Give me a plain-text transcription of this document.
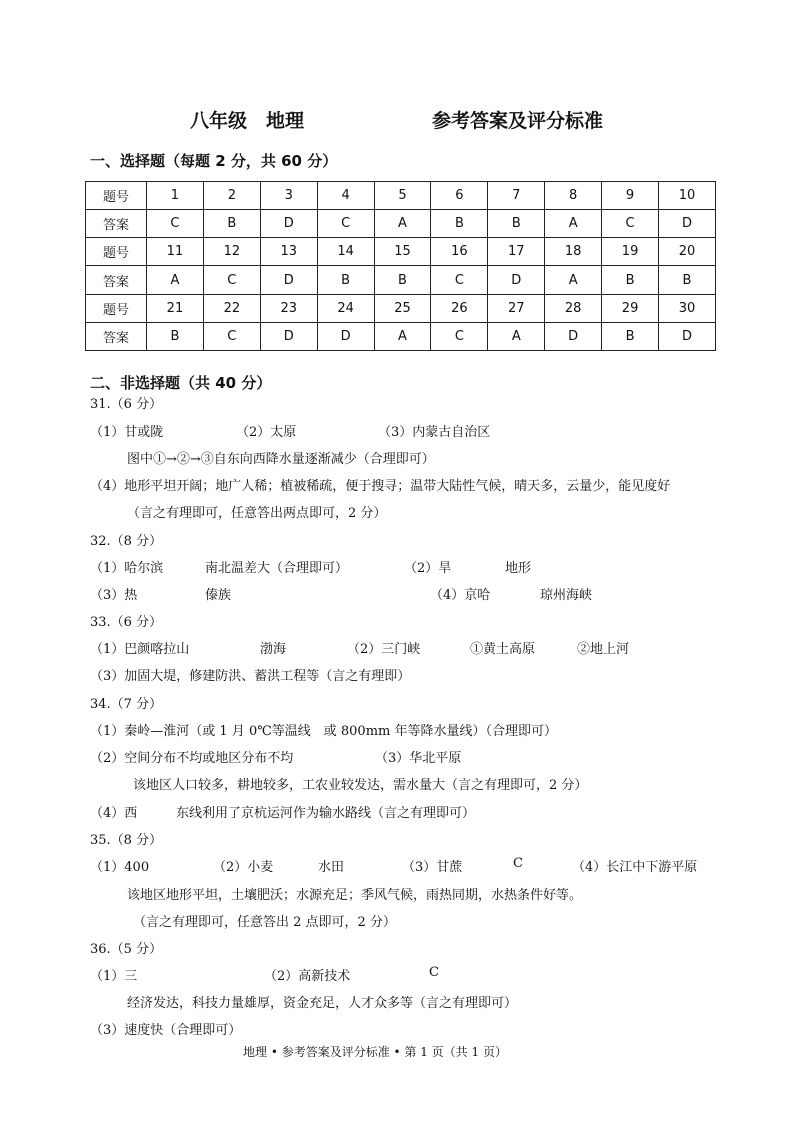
八年级　地理	参考答案及评分标准
一、选择题（每题 2 分，共 60 分）
题号	1	2	3	4	5	6	7	8	9	10
答案	C	B	D	C	A	B	B	A	C	D
题号	11	12	13	14	15	16	17	18	19	20
答案	A	C	D	B	B	C	D	A	B	B
题号	21	22	23	24	25	26	27	28	29	30
答案	B	C	D	D	A	C	A	D	B	D
二、非选择题（共 40 分）
31.（6 分）
（1）甘或陇	（2）太原	（3）内蒙古自治区
图中①→②→③自东向西降水量逐渐减少（合理即可）
（4）地形平坦开阔；地广人稀；植被稀疏，便于搜寻；温带大陆性气候，晴天多，云量少，能见度好
（言之有理即可，任意答出两点即可，2 分）
32.（8 分）
（1）哈尔滨	南北温差大（合理即可）	（2）旱	地形
（3）热	傣族	（4）京哈	琼州海峡
33.（6 分）
（1）巴颜喀拉山	渤海	（2）三门峡	①黄土高原	②地上河
（3）加固大堤，修建防洪、蓄洪工程等（言之有理即）
34.（7 分）
（1）秦岭—淮河（或 1 月 0℃等温线　或 800mm 年等降水量线）（合理即可）
（2）空间分布不均或地区分布不均	（3）华北平原
该地区人口较多，耕地较多，工农业较发达，需水量大（言之有理即可，2 分）
（4）西	东线利用了京杭运河作为输水路线（言之有理即可）
35.（8 分）
（1）400	（2）小麦	水田	（3）甘蔗	C	（4）长江中下游平原
该地区地形平坦，土壤肥沃；水源充足；季风气候，雨热同期，水热条件好等。
（言之有理即可，任意答出 2 点即可，2 分）
36.（5 分）
（1）三	（2）高新技术	C
经济发达，科技力量雄厚，资金充足，人才众多等（言之有理即可）
（3）速度快（合理即可）
地理 • 参考答案及评分标准 • 第 1 页（共 1 页）
